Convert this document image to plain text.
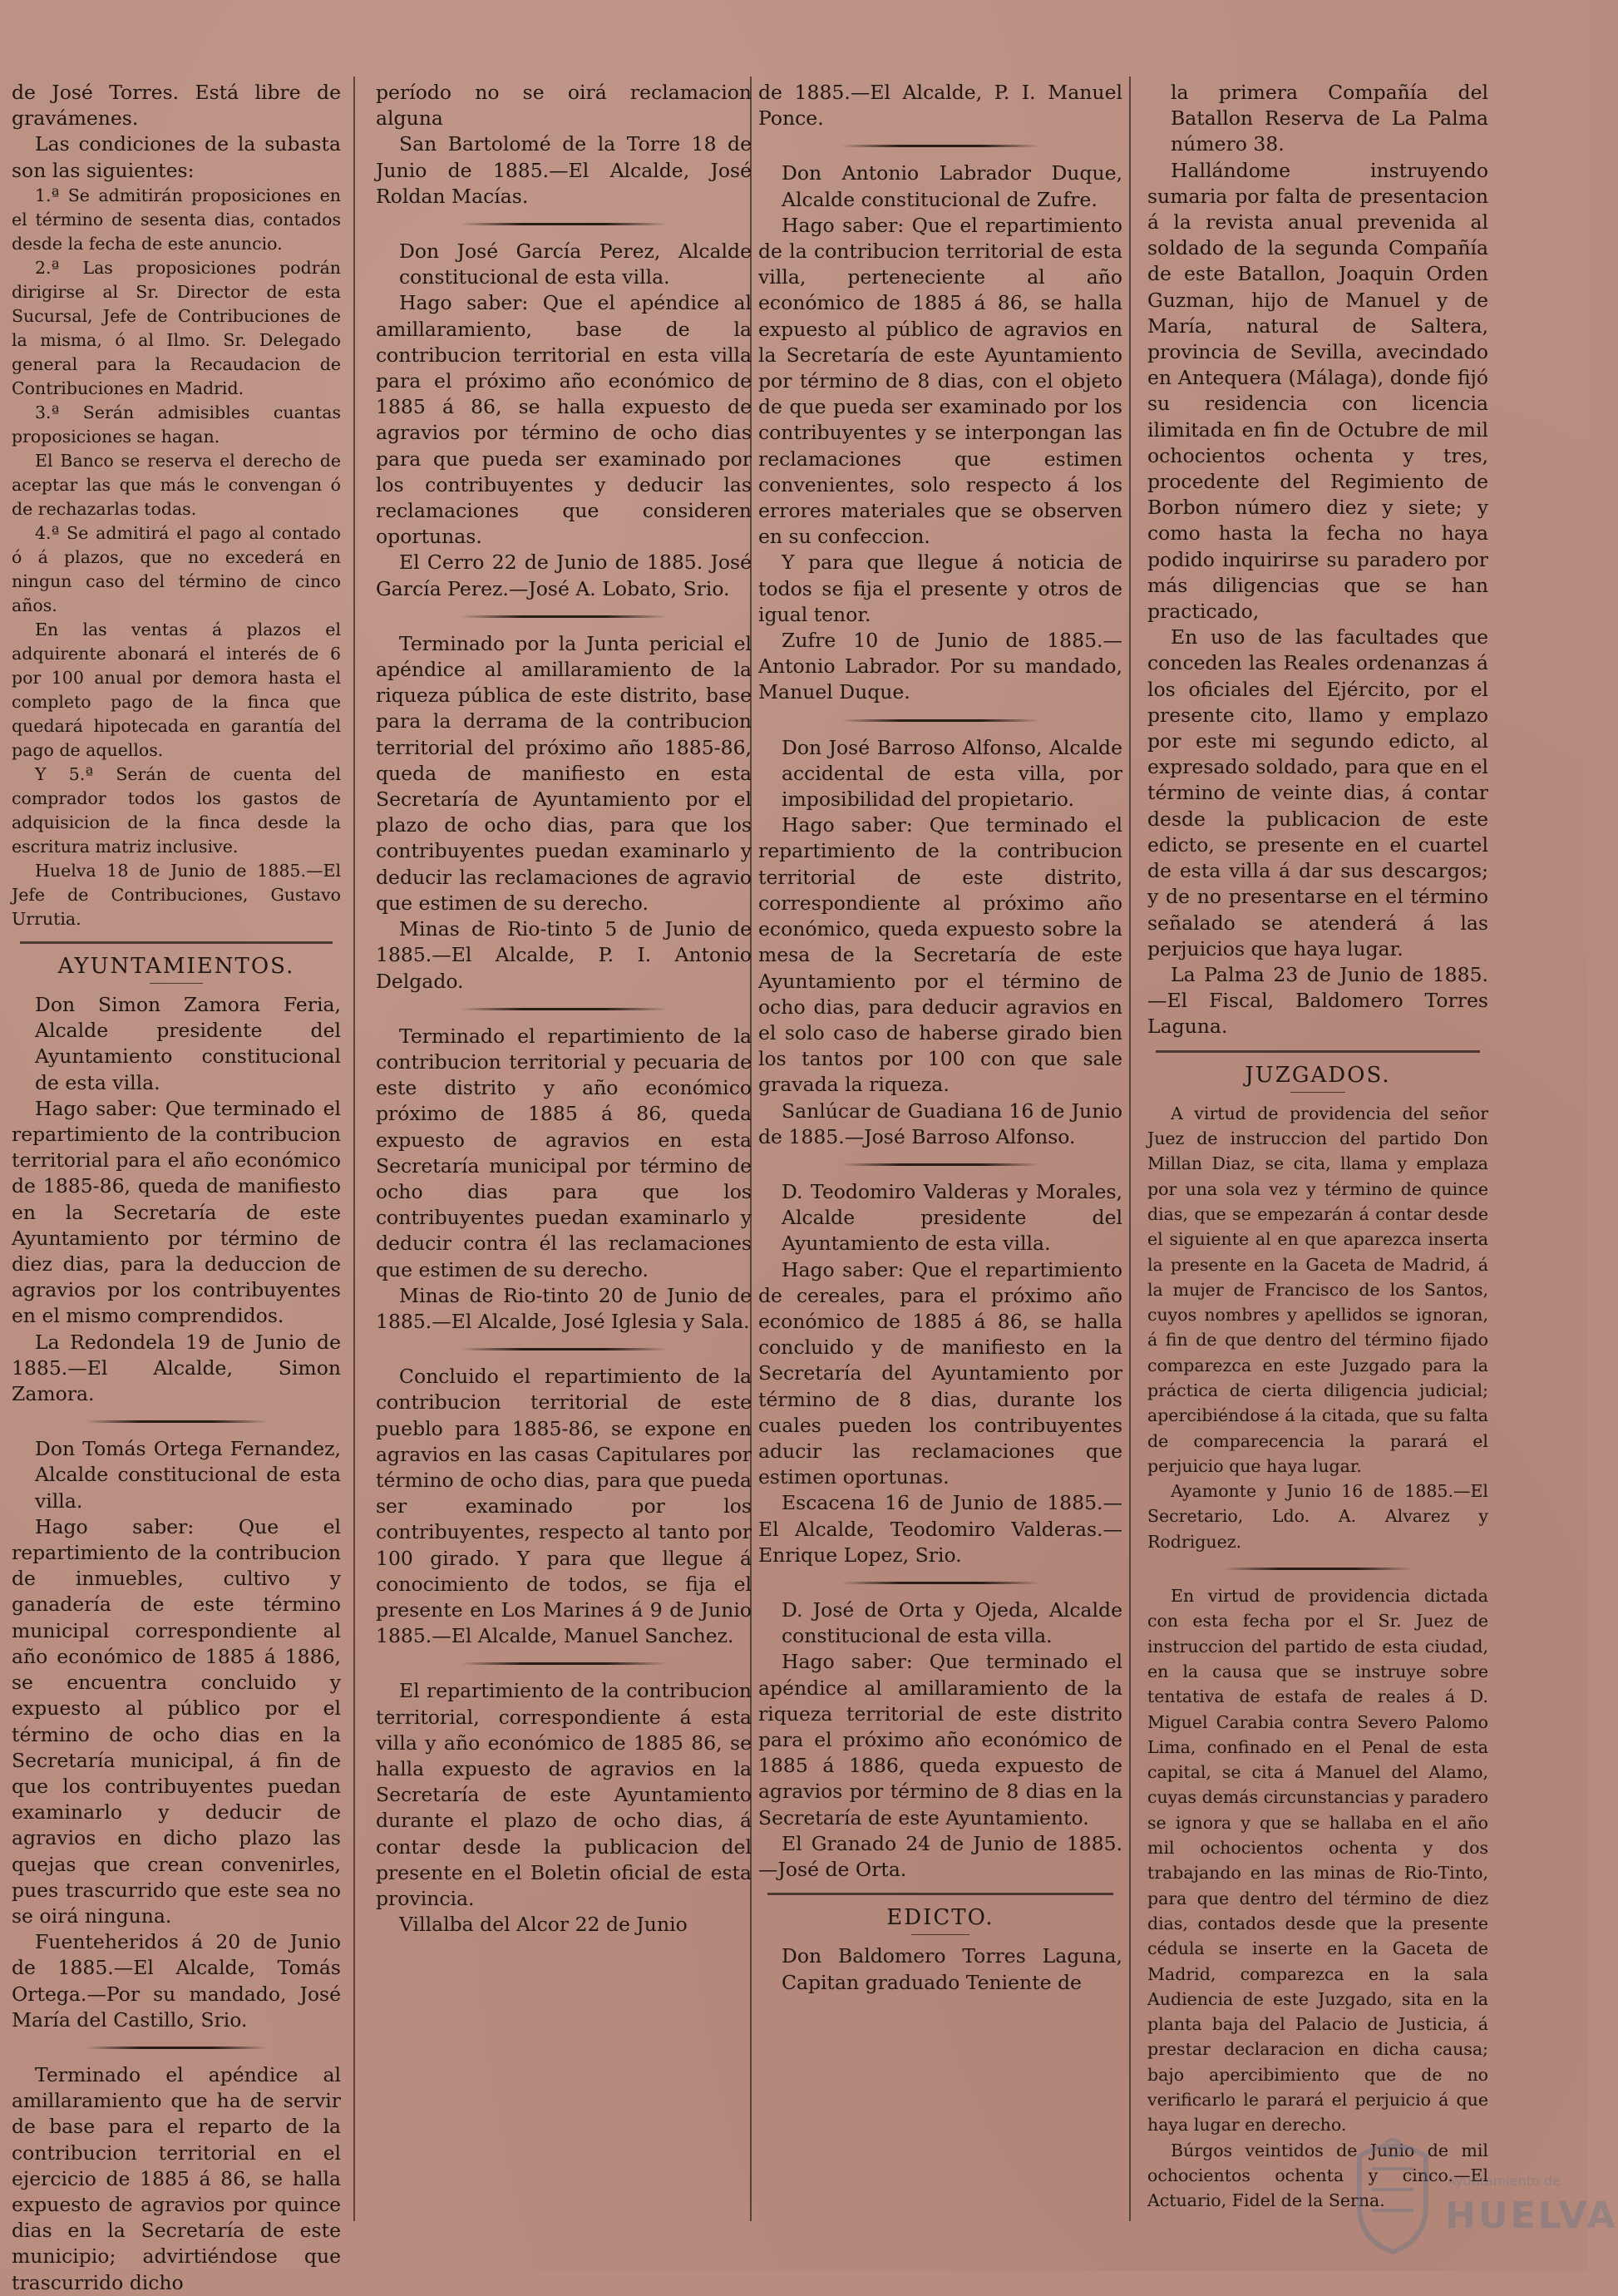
de José Torres. Está libre de gravámenes.

Las condiciones de la subasta son las siguientes:

1.ª Se admitirán proposiciones en el término de sesenta dias, contados desde la fecha de este anuncio.

2.ª Las proposiciones podrán dirigirse al Sr. Director de esta Sucursal, Jefe de Contribuciones de la misma, ó al Ilmo. Sr. Delegado general para la Recaudacion de Contribuciones en Madrid.

3.ª Serán admisibles cuantas proposiciones se hagan.

El Banco se reserva el derecho de aceptar las que más le convengan ó de rechazarlas todas.

4.ª Se admitirá el pago al contado ó á plazos, que no excederá en ningun caso del término de cinco años.

En las ventas á plazos el adquirente abonará el interés de 6 por 100 anual por demora hasta el completo pago de la finca que quedará hipotecada en garantía del pago de aquellos.

Y 5.ª Serán de cuenta del comprador todos los gastos de adquisicion de la finca desde la escritura matriz inclusive.

Huelva 18 de Junio de 1885.—El Jefe de Contribuciones, Gustavo Urrutia.

AYUNTAMIENTOS.

Don Simon Zamora Feria, Alcalde presidente del Ayuntamiento constitucional de esta villa.

Hago saber: Que terminado el repartimiento de la contribucion territorial para el año económico de 1885-86, queda de manifiesto en la Secretaría de este Ayuntamiento por término de diez dias, para la deduccion de agravios por los contribuyentes en el mismo comprendidos.

La Redondela 19 de Junio de 1885.—El Alcalde, Simon Zamora.

Don Tomás Ortega Fernandez, Alcalde constitucional de esta villa.

Hago saber: Que el repartimiento de la contribucion de inmuebles, cultivo y ganadería de este término municipal correspondiente al año económico de 1885 á 1886, se encuentra concluido y expuesto al público por el término de ocho dias en la Secretaría municipal, á fin de que los contribuyentes puedan examinarlo y deducir de agravios en dicho plazo las quejas que crean convenirles, pues trascurrido que este sea no se oirá ninguna.

Fuenteheridos á 20 de Junio de 1885.—El Alcalde, Tomás Ortega.—Por su mandado, José María del Castillo, Srio.

Terminado el apéndice al amillaramiento que ha de servir de base para el reparto de la contribucion territorial en el ejercicio de 1885 á 86, se halla expuesto de agravios por quince dias en la Secretaría de este municipio; advirtiéndose que trascurrido dicho

período no se oirá reclamacion alguna

San Bartolomé de la Torre 18 de Junio de 1885.—El Alcalde, José Roldan Macías.

Don José García Perez, Alcalde constitucional de esta villa.

Hago saber: Que el apéndice al amillaramiento, base de la contribucion territorial en esta villa para el próximo año económico de 1885 á 86, se halla expuesto de agravios por término de ocho dias para que pueda ser examinado por los contribuyentes y deducir las reclamaciones que consideren oportunas.

El Cerro 22 de Junio de 1885. José García Perez.—José A. Lobato, Srio.

Terminado por la Junta pericial el apéndice al amillaramiento de la riqueza pública de este distrito, base para la derrama de la contribucion territorial del próximo año 1885-86, queda de manifiesto en esta Secretaría de Ayuntamiento por el plazo de ocho dias, para que los contribuyentes puedan examinarlo y deducir las reclamaciones de agravio que estimen de su derecho.

Minas de Rio-tinto 5 de Junio de 1885.—El Alcalde, P. I. Antonio Delgado.

Terminado el repartimiento de la contribucion territorial y pecuaria de este distrito y año económico próximo de 1885 á 86, queda expuesto de agravios en esta Secretaría municipal por término de ocho dias para que los contribuyentes puedan examinarlo y deducir contra él las reclamaciones que estimen de su derecho.

Minas de Rio-tinto 20 de Junio de 1885.—El Alcalde, José Iglesia y Sala.

Concluido el repartimiento de la contribucion territorial de este pueblo para 1885-86, se expone en agravios en las casas Capitulares por término de ocho dias, para que pueda ser examinado por los contribuyentes, respecto al tanto por 100 girado. Y para que llegue á conocimiento de todos, se fija el presente en Los Marines á 9 de Junio 1885.—El Alcalde, Manuel Sanchez.

El repartimiento de la contribucion territorial, correspondiente á esta villa y año económico de 1885 86, se halla expuesto de agravios en la Secretaría de este Ayuntamiento durante el plazo de ocho dias, á contar desde la publicacion del presente en el Boletin oficial de esta provincia.

Villalba del Alcor 22 de Junio

de 1885.—El Alcalde, P. I. Manuel Ponce.

Don Antonio Labrador Duque, Alcalde constitucional de Zufre.

Hago saber: Que el repartimiento de la contribucion territorial de esta villa, perteneciente al año económico de 1885 á 86, se halla expuesto al público de agravios en la Secretaría de este Ayuntamiento por término de 8 dias, con el objeto de que pueda ser examinado por los contribuyentes y se interpongan las reclamaciones que estimen convenientes, solo respecto á los errores materiales que se observen en su confeccion.

Y para que llegue á noticia de todos se fija el presente y otros de igual tenor.

Zufre 10 de Junio de 1885.—Antonio Labrador. Por su mandado, Manuel Duque.

Don José Barroso Alfonso, Alcalde accidental de esta villa, por imposibilidad del propietario.

Hago saber: Que terminado el repartimiento de la contribucion territorial de este distrito, correspondiente al próximo año económico, queda expuesto sobre la mesa de la Secretaría de este Ayuntamiento por el término de ocho dias, para deducir agravios en el solo caso de haberse girado bien los tantos por 100 con que sale gravada la riqueza.

Sanlúcar de Guadiana 16 de Junio de 1885.—José Barroso Alfonso.

D. Teodomiro Valderas y Morales, Alcalde presidente del Ayuntamiento de esta villa.

Hago saber: Que el repartimiento de cereales, para el próximo año económico de 1885 á 86, se halla concluido y de manifiesto en la Secretaría del Ayuntamiento por término de 8 dias, durante los cuales pueden los contribuyentes aducir las reclamaciones que estimen oportunas.

Escacena 16 de Junio de 1885.—El Alcalde, Teodomiro Valderas.—Enrique Lopez, Srio.

D. José de Orta y Ojeda, Alcalde constitucional de esta villa.

Hago saber: Que terminado el apéndice al amillaramiento de la riqueza territorial de este distrito para el próximo año económico de 1885 á 1886, queda expuesto de agravios por término de 8 dias en la Secretaría de este Ayuntamiento.

El Granado 24 de Junio de 1885.—José de Orta.

EDICTO.

Don Baldomero Torres Laguna, Capitan graduado Teniente de

la primera Compañía del Batallon Reserva de La Palma número 38.

Hallándome instruyendo sumaria por falta de presentacion á la revista anual prevenida al soldado de la segunda Compañía de este Batallon, Joaquin Orden Guzman, hijo de Manuel y de María, natural de Saltera, provincia de Sevilla, avecindado en Antequera (Málaga), donde fijó su residencia con licencia ilimitada en fin de Octubre de mil ochocientos ochenta y tres, procedente del Regimiento de Borbon número diez y siete; y como hasta la fecha no haya podido inquirirse su paradero por más diligencias que se han practicado,

En uso de las facultades que conceden las Reales ordenanzas á los oficiales del Ejército, por el presente cito, llamo y emplazo por este mi segundo edicto, al expresado soldado, para que en el término de veinte dias, á contar desde la publicacion de este edicto, se presente en el cuartel de esta villa á dar sus descargos; y de no presentarse en el término señalado se atenderá á las perjuicios que haya lugar.

La Palma 23 de Junio de 1885.—El Fiscal, Baldomero Torres Laguna.

JUZGADOS.

A virtud de providencia del señor Juez de instruccion del partido Don Millan Diaz, se cita, llama y emplaza por una sola vez y término de quince dias, que se empezarán á contar desde el siguiente al en que aparezca inserta la presente en la Gaceta de Madrid, á la mujer de Francisco de los Santos, cuyos nombres y apellidos se ignoran, á fin de que dentro del término fijado comparezca en este Juzgado para la práctica de cierta diligencia judicial; apercibiéndose á la citada, que su falta de comparecencia la parará el perjuicio que haya lugar.

Ayamonte y Junio 16 de 1885.—El Secretario, Ldo. A. Alvarez y Rodriguez.

En virtud de providencia dictada con esta fecha por el Sr. Juez de instruccion del partido de esta ciudad, en la causa que se instruye sobre tentativa de estafa de reales á D. Miguel Carabia contra Severo Palomo Lima, confinado en el Penal de esta capital, se cita á Manuel del Alamo, cuyas demás circunstancias y paradero se ignora y que se hallaba en el año mil ochocientos ochenta y dos trabajando en las minas de Rio-Tinto, para que dentro del término de diez dias, contados desde que la presente cédula se inserte en la Gaceta de Madrid, comparezca en la sala Audiencia de este Juzgado, sita en la planta baja del Palacio de Justicia, á prestar declaracion en dicha causa; bajo apercibimiento que de no verificarlo le parará el perjuicio á que haya lugar en derecho.

Búrgos veintidos de Junio de mil ochocientos ochenta y cinco.—El Actuario, Fidel de la Serna.

Ayuntamiento de
HUELVA
